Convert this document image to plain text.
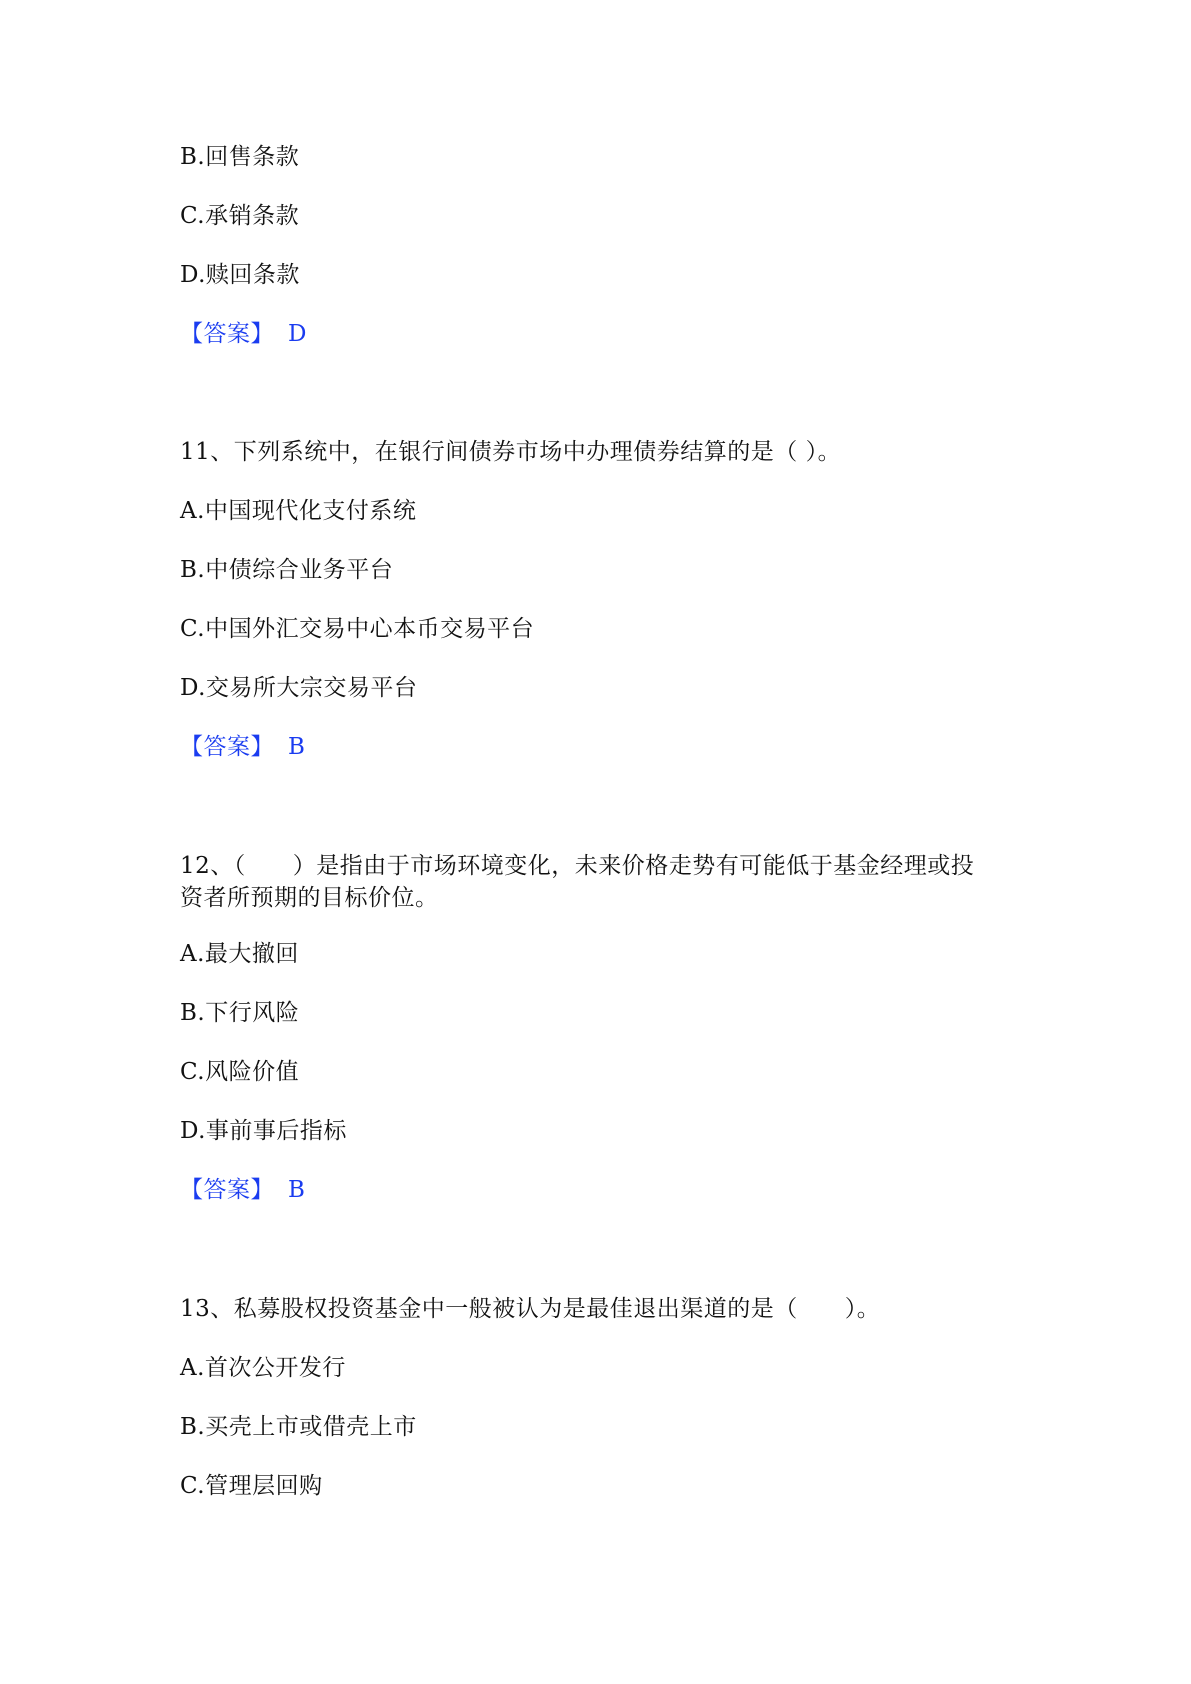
B.回售条款
C.承销条款
D.赎回条款
【答案】 D
11、下列系统中，在银行间债券市场中办理债券结算的是（ ）。
A.中国现代化支付系统
B.中债综合业务平台
C.中国外汇交易中心本币交易平台
D.交易所大宗交易平台
【答案】 B
12、（　　）是指由于市场环境变化，未来价格走势有可能低于基金经理或投
资者所预期的目标价位。
A.最大撤回
B.下行风险
C.风险价值
D.事前事后指标
【答案】 B
13、私募股权投资基金中一般被认为是最佳退出渠道的是（　　）。
A.首次公开发行
B.买壳上市或借壳上市
C.管理层回购
